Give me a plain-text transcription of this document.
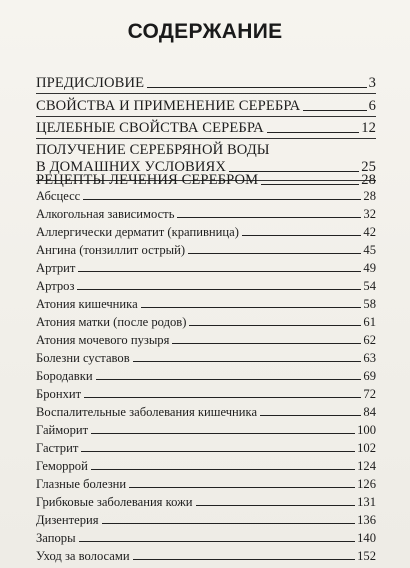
СОДЕРЖАНИЕ
ПРЕДИСЛОВИЕ	3
СВОЙСТВА И ПРИМЕНЕНИЕ СЕРЕБРА	6
ЦЕЛЕБНЫЕ СВОЙСТВА СЕРЕБРА	12
ПОЛУЧЕНИЕ СЕРЕБРЯНОЙ ВОДЫ
В ДОМАШНИХ УСЛОВИЯХ	25
РЕЦЕПТЫ ЛЕЧЕНИЯ СЕРЕБРОМ	28
Абсцесс	28
Алкогольная зависимость	32
Аллергически дерматит (крапивница)	42
Ангина (тонзиллит острый)	45
Артрит	49
Артроз	54
Атония кишечника	58
Атония матки (после родов)	61
Атония мочевого пузыря	62
Болезни суставов	63
Бородавки	69
Бронхит	72
Воспалительные заболевания кишечника	84
Гайморит	100
Гастрит	102
Геморрой	124
Глазные болезни	126
Грибковые заболевания кожи	131
Дизентерия	136
Запоры	140
Уход за волосами	152
